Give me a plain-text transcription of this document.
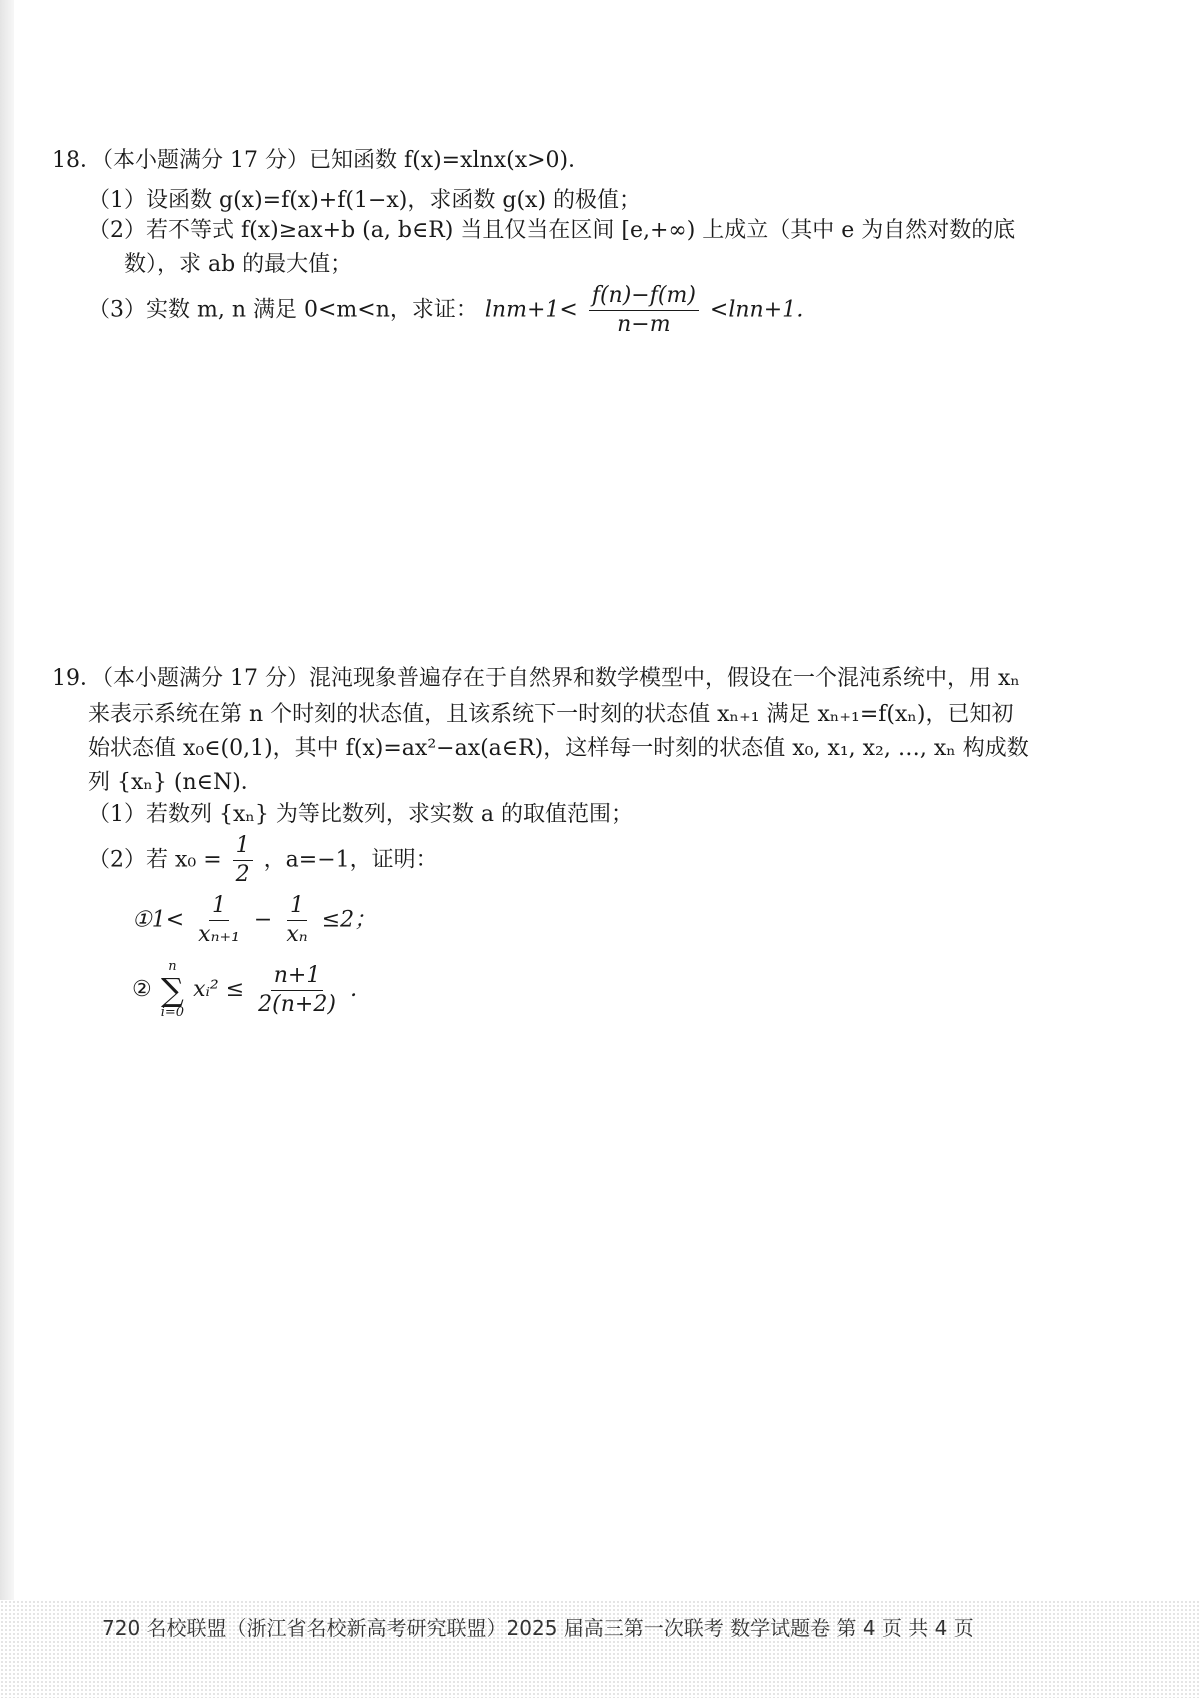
18．（本小题满分 17 分）已知函数 f(x)=xlnx(x>0)．
（1）设函数 g(x)=f(x)+f(1−x)，求函数 g(x) 的极值；
（2）若不等式 f(x)≥ax+b (a, b∈R) 当且仅当在区间 [e,+∞) 上成立（其中 e 为自然对数的底
数），求 ab 的最大值；
（3）实数 m, n 满足 0<m<n，求证： $\ln m+1< \frac{f(n)-f(m)}{n-m} <\ln n+1$．
19．（本小题满分 17 分）混沌现象普遍存在于自然界和数学模型中，假设在一个混沌系统中，用 xₙ
来表示系统在第 n 个时刻的状态值，且该系统下一时刻的状态值 xₙ₊₁ 满足 xₙ₊₁=f(xₙ)，已知初
始状态值 x₀∈(0,1)，其中 f(x)=ax²−ax(a∈R)，这样每一时刻的状态值 x₀, x₁, x₂, …, xₙ 构成数
列 {xₙ} (n∈N)．
（1）若数列 {xₙ} 为等比数列，求实数 a 的取值范围；
（2）若 $x_0 = \frac{1}{2}$ ，a=−1，证明：
①1< $\frac{1}{\text{xₙ₊₁}} - \frac{1}{\text{xₙ}} \le 2$；
②
n
∑
i=0
xᵢ² ≤ $\frac{n+1}{2(n+2)}$ ．
720 名校联盟（浙江省名校新高考研究联盟）2025 届高三第一次联考 数学试题卷 第 4 页 共 4 页
